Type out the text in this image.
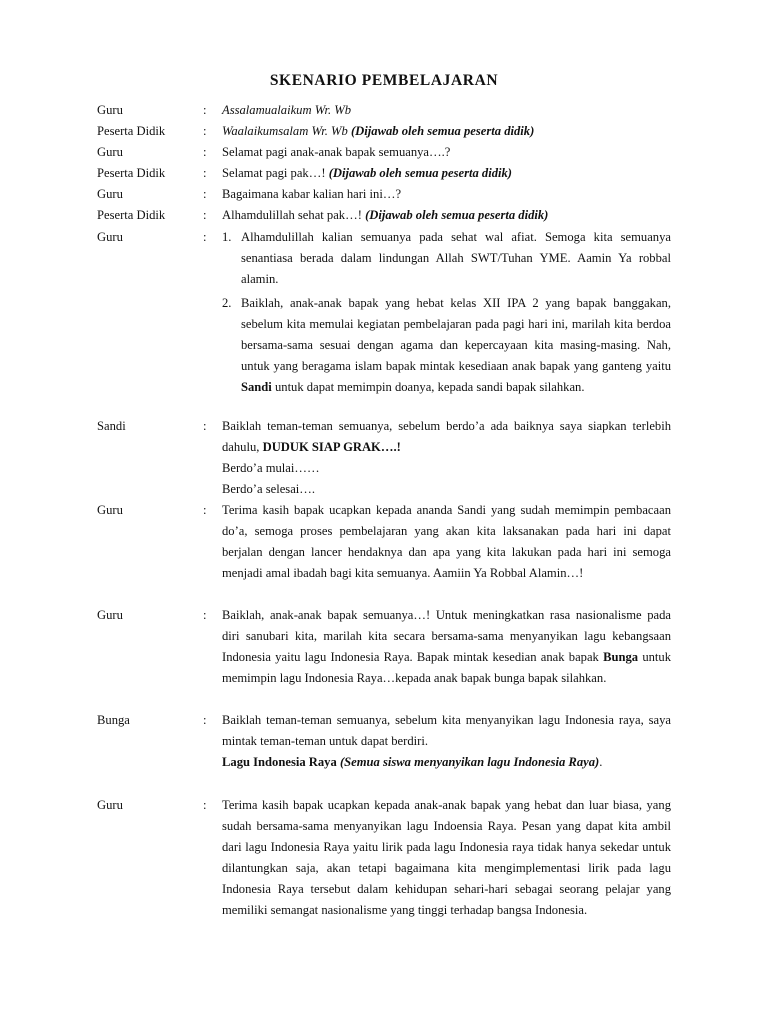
SKENARIO PEMBELAJARAN
Guru	: Assalamualaikum Wr. Wb
Peserta Didik	: Waalaikumsalam Wr. Wb (Dijawab oleh semua peserta didik)
Guru	: Selamat pagi anak-anak bapak semuanya….?
Peserta Didik	: Selamat pagi pak…! (Dijawab oleh semua peserta didik)
Guru	: Bagaimana kabar kalian hari ini…?
Peserta Didik	: Alhamdulillah sehat pak…! (Dijawab oleh semua peserta didik)
Guru	: 1. Alhamdulillah kalian semuanya pada sehat wal afiat. Semoga kita semuanya senantiasa berada dalam lindungan Allah SWT/Tuhan YME. Aamin Ya robbal alamin.
2. Baiklah, anak-anak bapak yang hebat kelas XII IPA 2 yang bapak banggakan, sebelum kita memulai kegiatan pembelajaran pada pagi hari ini, marilah kita berdoa bersama-sama sesuai dengan agama dan kepercayaan kita masing-masing. Nah, untuk yang beragama islam bapak mintak kesediaan anak bapak yang ganteng yaitu Sandi untuk dapat memimpin doanya, kepada sandi bapak silahkan.
Sandi	: Baiklah teman-teman semuanya, sebelum berdo’a ada baiknya saya siapkan terlebih dahulu, DUDUK SIAP GRAK….!
Berdo’a mulai……
Berdo’a selesai….
Guru	: Terima kasih bapak ucapkan kepada ananda Sandi yang sudah memimpin pembacaan do’a, semoga proses pembelajaran yang akan kita laksanakan pada hari ini dapat berjalan dengan lancer hendaknya dan apa yang kita lakukan pada hari ini semoga menjadi amal ibadah bagi kita semuanya. Aamiin Ya Robbal Alamin…!
Guru	: Baiklah, anak-anak bapak semuanya…! Untuk meningkatkan rasa nasionalisme pada diri sanubari kita, marilah kita secara bersama-sama menyanyikan lagu kebangsaan Indonesia yaitu lagu Indonesia Raya. Bapak mintak kesedian anak bapak Bunga untuk memimpin lagu Indonesia Raya…kepada anak bapak bunga bapak silahkan.
Bunga	: Baiklah teman-teman semuanya, sebelum kita menyanyikan lagu Indonesia raya, saya mintak teman-teman untuk dapat berdiri.
Lagu Indonesia Raya (Semua siswa menyanyikan lagu Indonesia Raya).
Guru	: Terima kasih bapak ucapkan kepada anak-anak bapak yang hebat dan luar biasa, yang sudah bersama-sama menyanyikan lagu Indoensia Raya. Pesan yang dapat kita ambil dari lagu Indonesia Raya yaitu lirik pada lagu Indonesia raya tidak hanya sekedar untuk dilantungkan saja, akan tetapi bagaimana kita mengimplementasi lirik pada lagu Indonesia Raya tersebut dalam kehidupan sehari-hari sebagai seorang pelajar yang memiliki semangat nasionalisme yang tinggi terhadap bangsa Indonesia.
